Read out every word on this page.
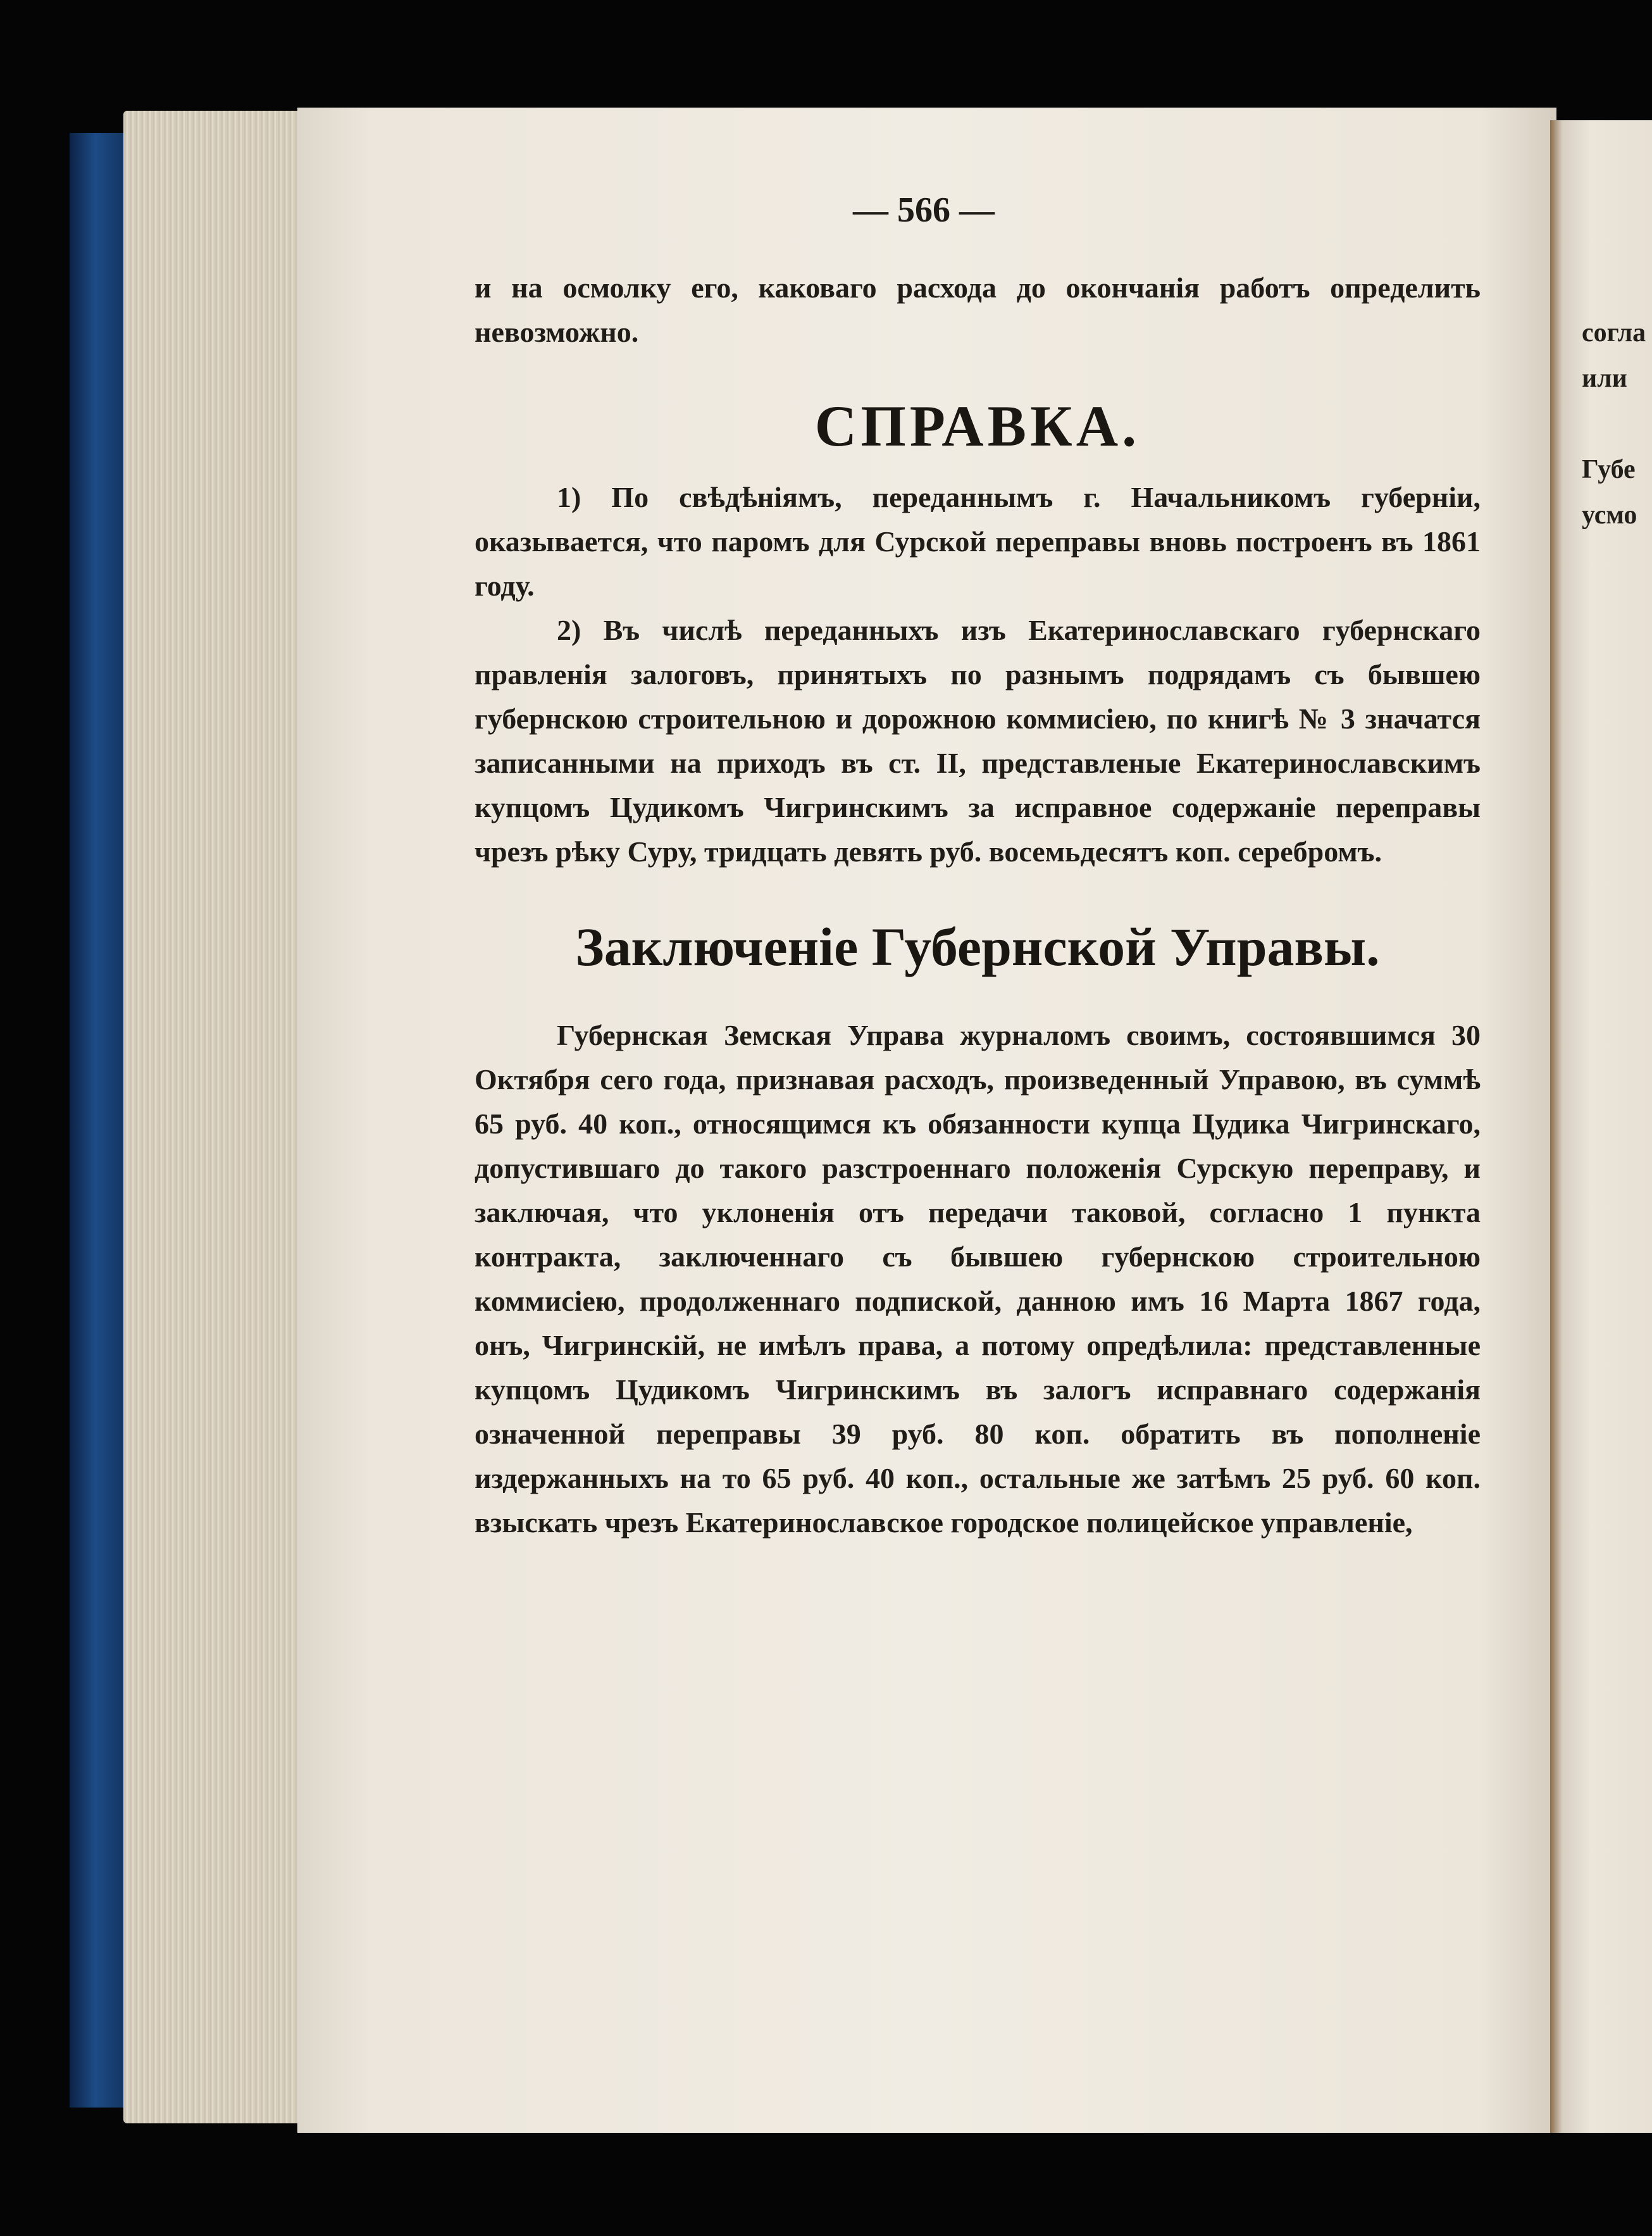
— 566 —

и на осмолку его, каковаго расхода до окончанія работъ определить невозможно.

СПРАВКА.

1) По свѣдѣніямъ, переданнымъ г. Начальникомъ губерніи, оказывается, что паромъ для Сурской переправы вновь построенъ въ 1861 году.

2) Въ числѣ переданныхъ изъ Екатеринославскаго губернскаго правленія залоговъ, принятыхъ по разнымъ подрядамъ съ бывшею губернскою строительною и дорожною коммисіею, по книгѣ № 3 значатся записанными на приходъ въ ст. II, представленые Екатеринославскимъ купцомъ Цудикомъ Чигринскимъ за исправное содержаніе переправы чрезъ рѣку Суру, тридцать девять руб. восемьдесятъ коп. серебромъ.

Заключеніе Губернской Управы.

Губернская Земская Управа журналомъ своимъ, состоявшимся 30 Октября сего года, признавая расходъ, произведенный Управою, въ суммѣ 65 руб. 40 коп., относящимся къ обязанности купца Цудика Чигринскаго, допустившаго до такого разстроеннаго положенія Сурскую переправу, и заключая, что уклоненія отъ передачи таковой, согласно 1 пункта контракта, заключеннаго съ бывшею губернскою строительною коммисіею, продолженнаго подпиской, данною имъ 16 Марта 1867 года, онъ, Чигринскій, не имѣлъ права, а потому опредѣлила: представленные купцомъ Цудикомъ Чигринскимъ въ залогъ исправнаго содержанія означенной переправы 39 руб. 80 коп. обратить въ пополненіе издержанныхъ на то 65 руб. 40 коп., остальные же затѣмъ 25 руб. 60 коп. взыскать чрезъ Екатеринославское городское полицейское управленіе,

согла
или
Губе
усмо
